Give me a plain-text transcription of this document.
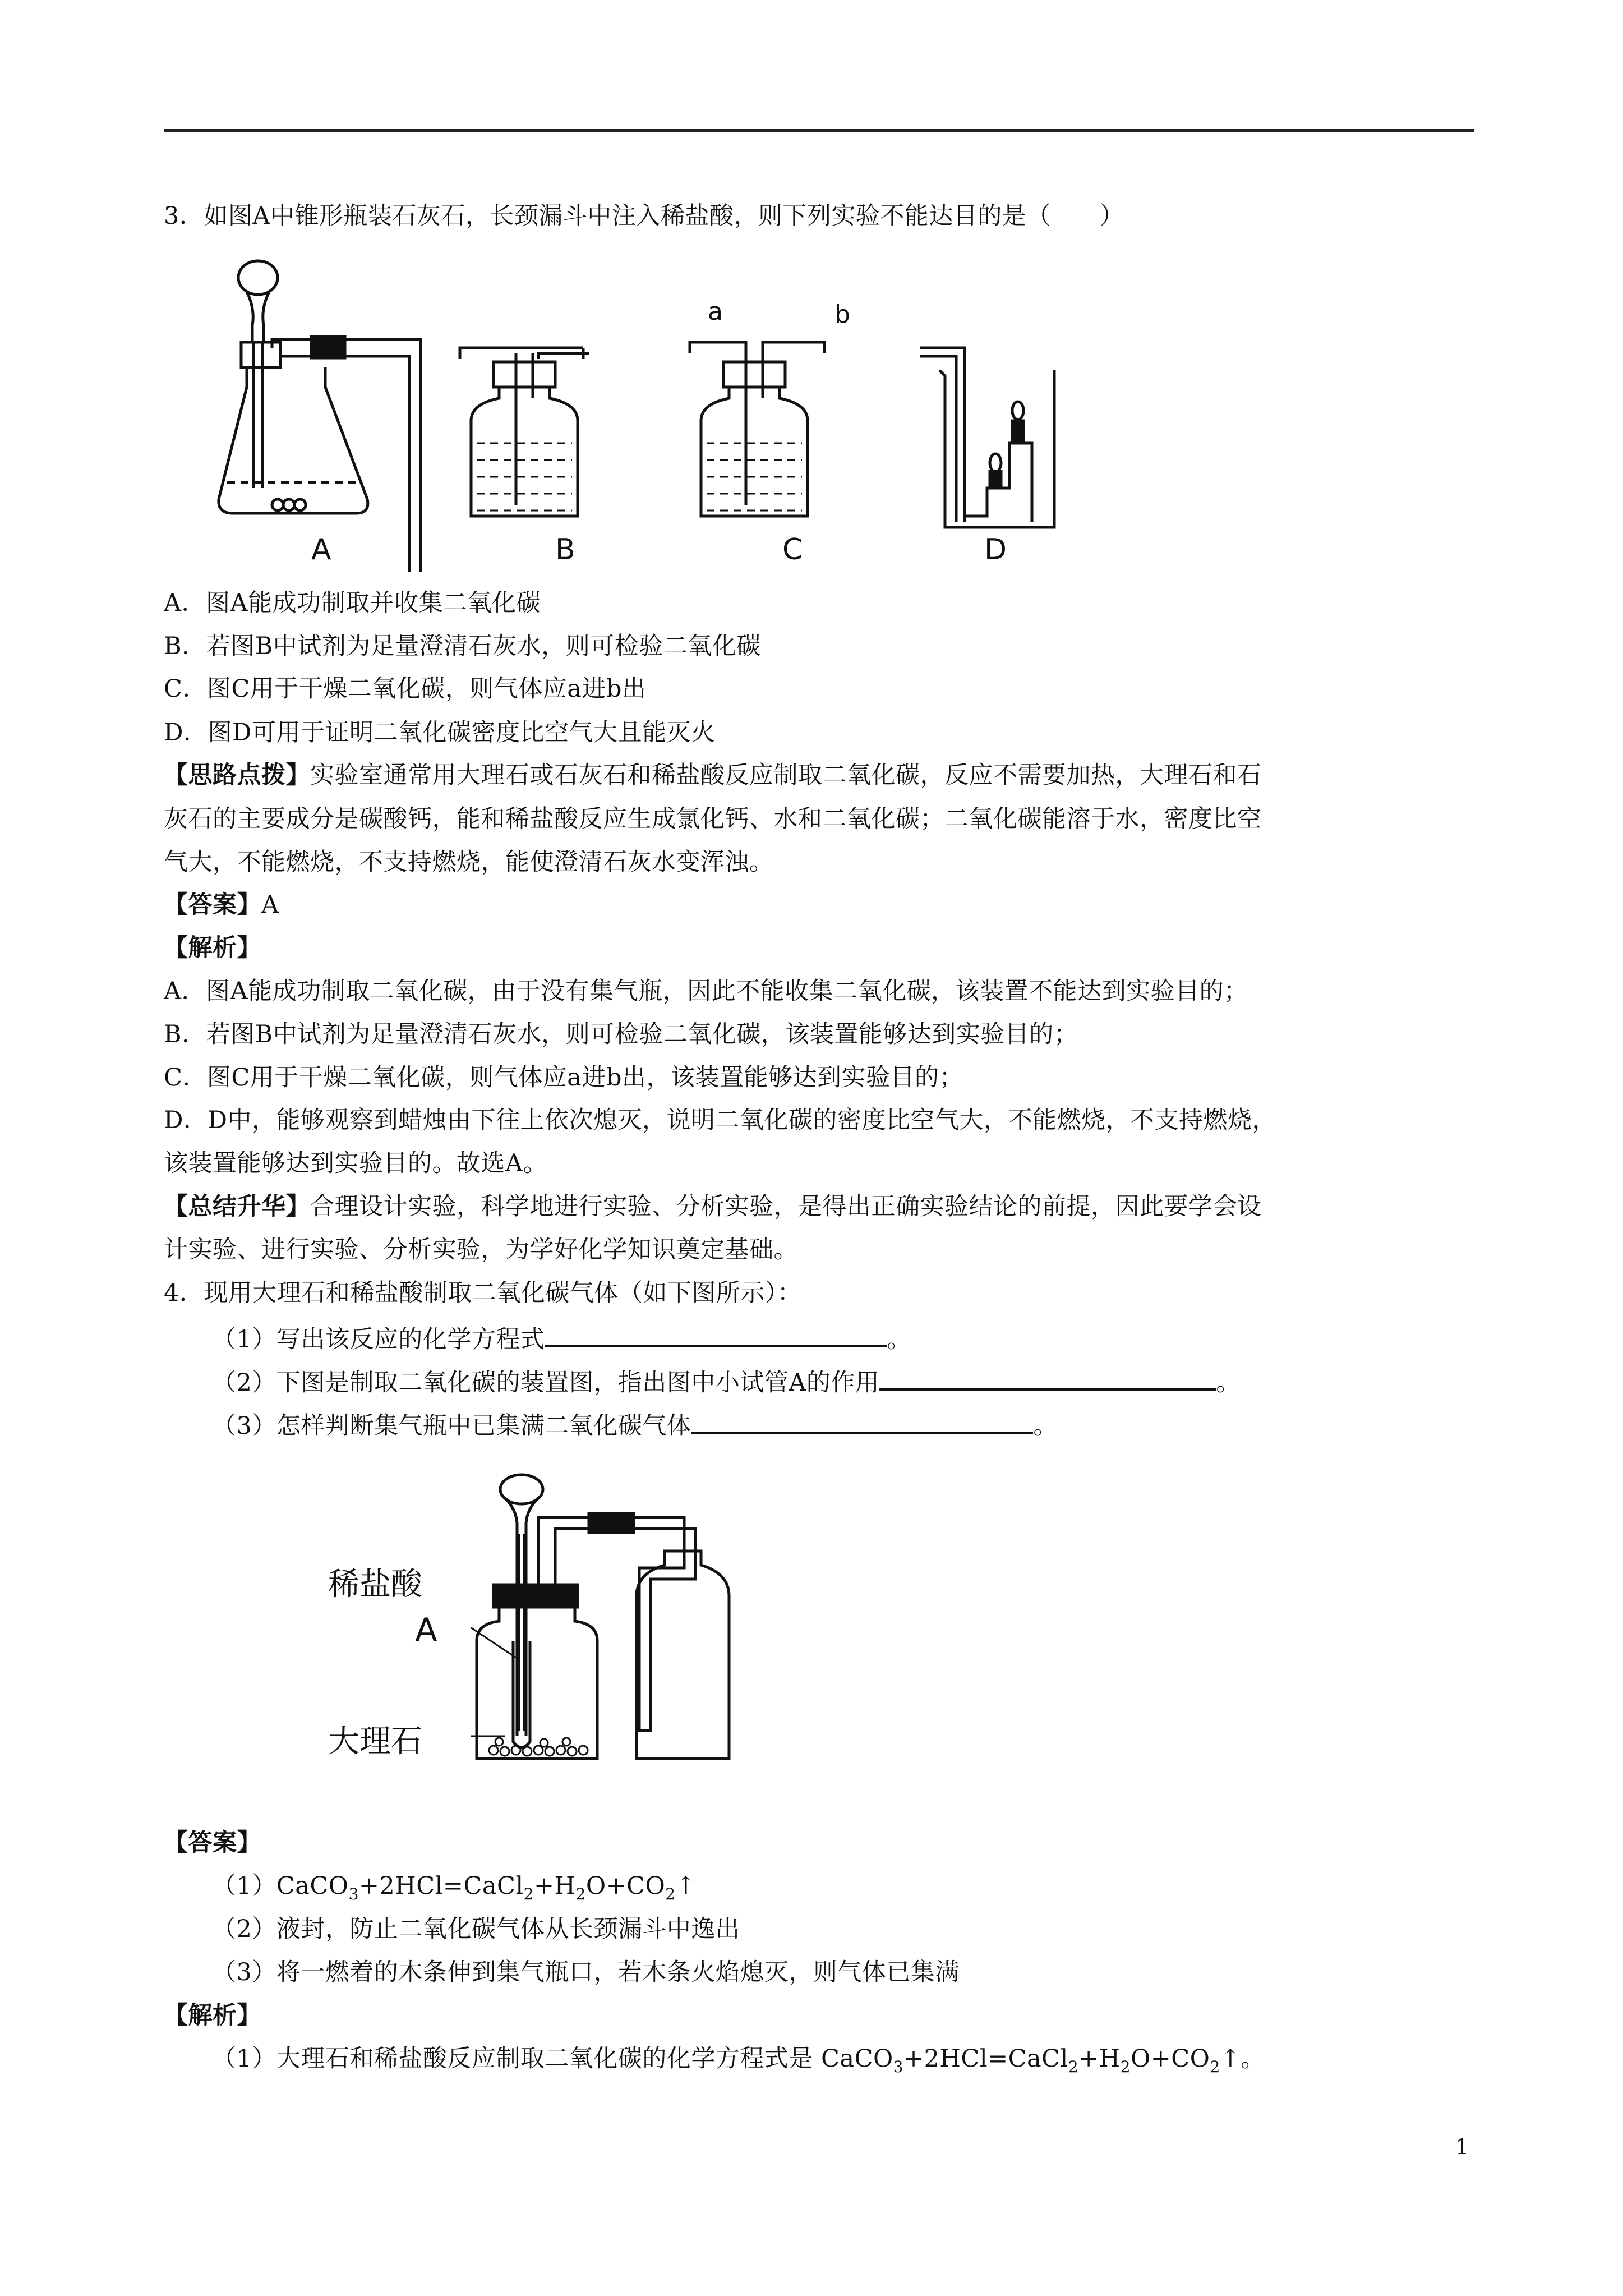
3．如图A中锥形瓶装石灰石，长颈漏斗中注入稀盐酸，则下列实验不能达目的是（　　）
A	B	C	D
a	b
A．图A能成功制取并收集二氧化碳
B．若图B中试剂为足量澄清石灰水，则可检验二氧化碳
C．图C用于干燥二氧化碳，则气体应a进b出
D．图D可用于证明二氧化碳密度比空气大且能灭火
【思路点拨】实验室通常用大理石或石灰石和稀盐酸反应制取二氧化碳，反应不需要加热，大理石和石
灰石的主要成分是碳酸钙，能和稀盐酸反应生成氯化钙、水和二氧化碳；二氧化碳能溶于水，密度比空
气大，不能燃烧，不支持燃烧，能使澄清石灰水变浑浊。
【答案】A
【解析】
A．图A能成功制取二氧化碳，由于没有集气瓶，因此不能收集二氧化碳，该装置不能达到实验目的；
B．若图B中试剂为足量澄清石灰水，则可检验二氧化碳，该装置能够达到实验目的；
C．图C用于干燥二氧化碳，则气体应a进b出，该装置能够达到实验目的；
D．D中，能够观察到蜡烛由下往上依次熄灭，说明二氧化碳的密度比空气大，不能燃烧，不支持燃烧，
该装置能够达到实验目的。故选A。
【总结升华】合理设计实验，科学地进行实验、分析实验，是得出正确实验结论的前提，因此要学会设
计实验、进行实验、分析实验，为学好化学知识奠定基础。
4．现用大理石和稀盐酸制取二氧化碳气体（如下图所示）：
（1）写出该反应的化学方程式	。
（2）下图是制取二氧化碳的装置图，指出图中小试管A的作用	。
（3）怎样判断集气瓶中已集满二氧化碳气体	。
稀盐酸
A
大理石
【答案】
$(1)CaCO_3+2HCl=CaCl_2+H_2O+CO_2↑$
（2）液封，防止二氧化碳气体从长颈漏斗中逸出
（3）将一燃着的木条伸到集气瓶口，若木条火焰熄灭，则气体已集满
【解析】
（1）大理石和稀盐酸反应制取二氧化碳的化学方程式是 $CaCO_3+2HCl=CaCl_2+H_2O+CO_2↑$。
1
